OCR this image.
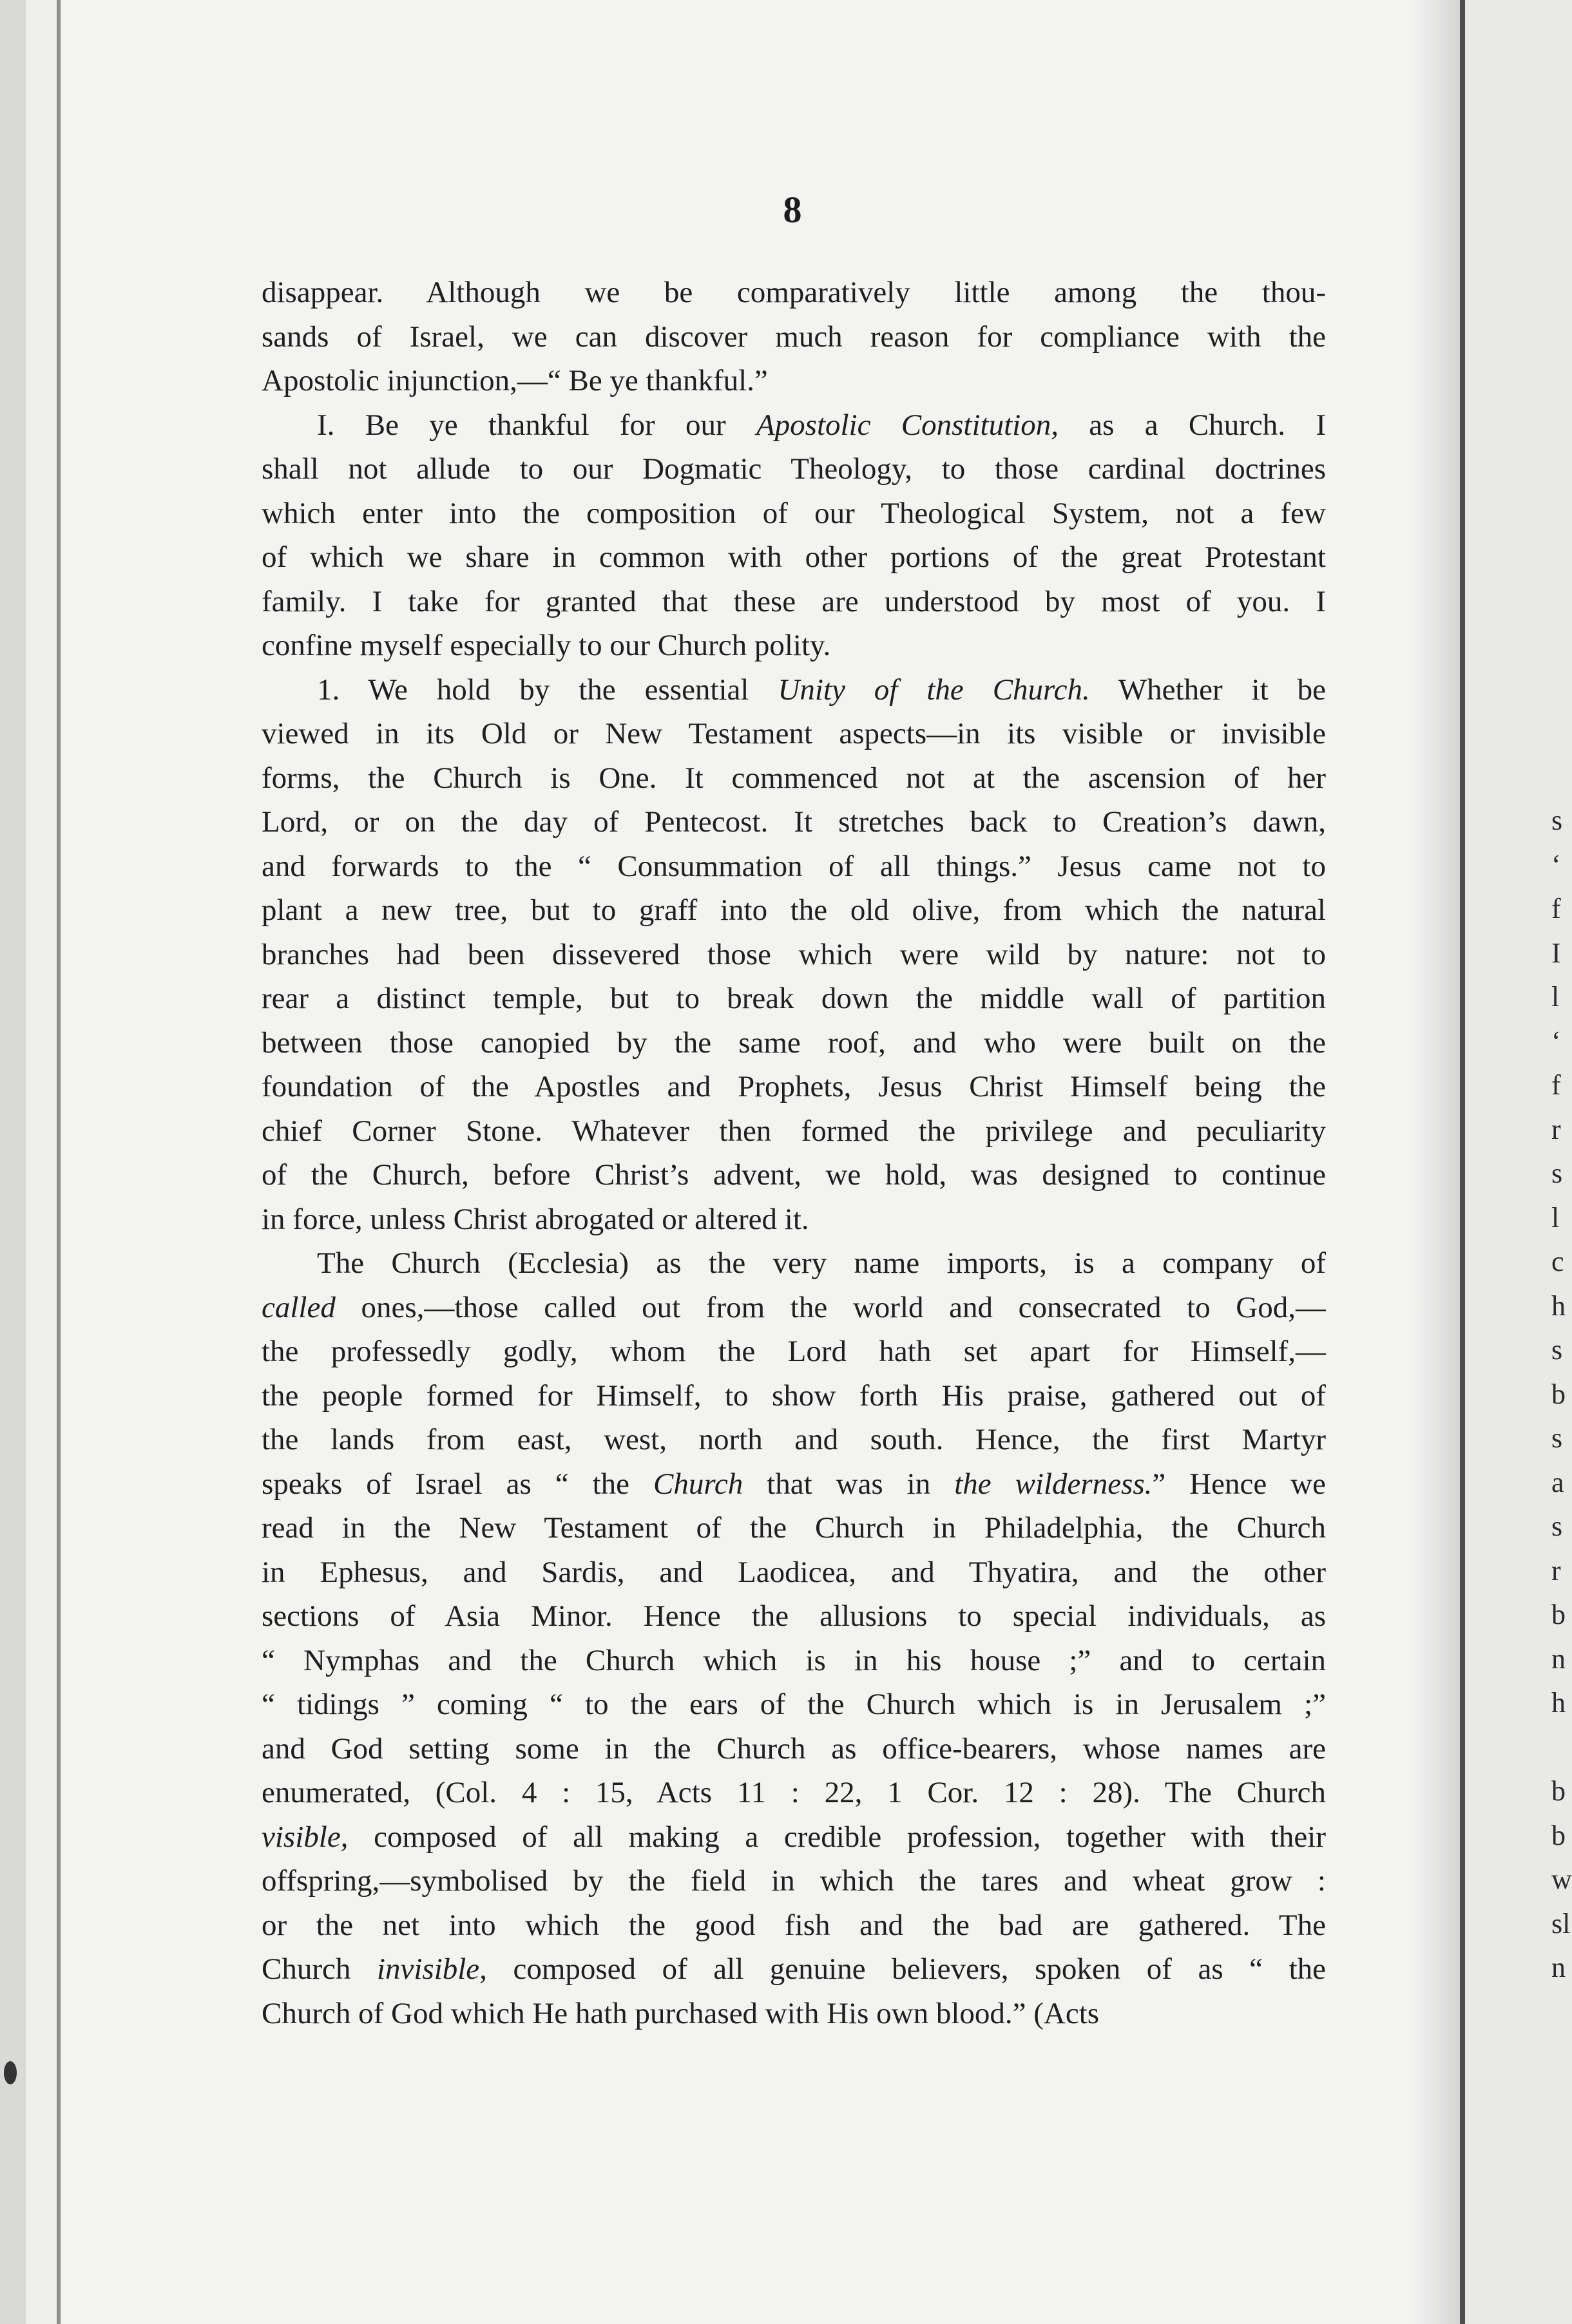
8
disappear. Although we be comparatively little among the thou-
sands of Israel, we can discover much reason for compliance with the
Apostolic injunction,—“ Be ye thankful.”
I. Be ye thankful for our Apostolic Constitution, as a Church. I
shall not allude to our Dogmatic Theology, to those cardinal doctrines
which enter into the composition of our Theological System, not a few
of which we share in common with other portions of the great Protestant
family. I take for granted that these are understood by most of you. I
confine myself especially to our Church polity.
1. We hold by the essential Unity of the Church. Whether it be
viewed in its Old or New Testament aspects—in its visible or invisible
forms, the Church is One. It commenced not at the ascension of her
Lord, or on the day of Pentecost. It stretches back to Creation’s dawn,
and forwards to the “ Consummation of all things.” Jesus came not to
plant a new tree, but to graff into the old olive, from which the natural
branches had been dissevered those which were wild by nature: not to
rear a distinct temple, but to break down the middle wall of partition
between those canopied by the same roof, and who were built on the
foundation of the Apostles and Prophets, Jesus Christ Himself being the
chief Corner Stone. Whatever then formed the privilege and peculiarity
of the Church, before Christ’s advent, we hold, was designed to continue
in force, unless Christ abrogated or altered it.
The Church (Ecclesia) as the very name imports, is a company of
called ones,—those called out from the world and consecrated to God,—
the professedly godly, whom the Lord hath set apart for Himself,—
the people formed for Himself, to show forth His praise, gathered out of
the lands from east, west, north and south. Hence, the first Martyr
speaks of Israel as “ the Church that was in the wilderness.” Hence we
read in the New Testament of the Church in Philadelphia, the Church
in Ephesus, and Sardis, and Laodicea, and Thyatira, and the other
sections of Asia Minor. Hence the allusions to special individuals, as
“ Nymphas and the Church which is in his house ;” and to certain
“ tidings ” coming “ to the ears of the Church which is in Jerusalem ;”
and God setting some in the Church as office-bearers, whose names are
enumerated, (Col. 4 : 15, Acts 11 : 22, 1 Cor. 12 : 28). The Church
visible, composed of all making a credible profession, together with their
offspring,—symbolised by the field in which the tares and wheat grow :
or the net into which the good fish and the bad are gathered. The
Church invisible, composed of all genuine believers, spoken of as “ the
Church of God which He hath purchased with His own blood.” (Acts
s
‘
f
I
l
‘
f
r
s
l
c
h
s
b
s
a
s
r
b
n
h
b
b
w
sl
n
